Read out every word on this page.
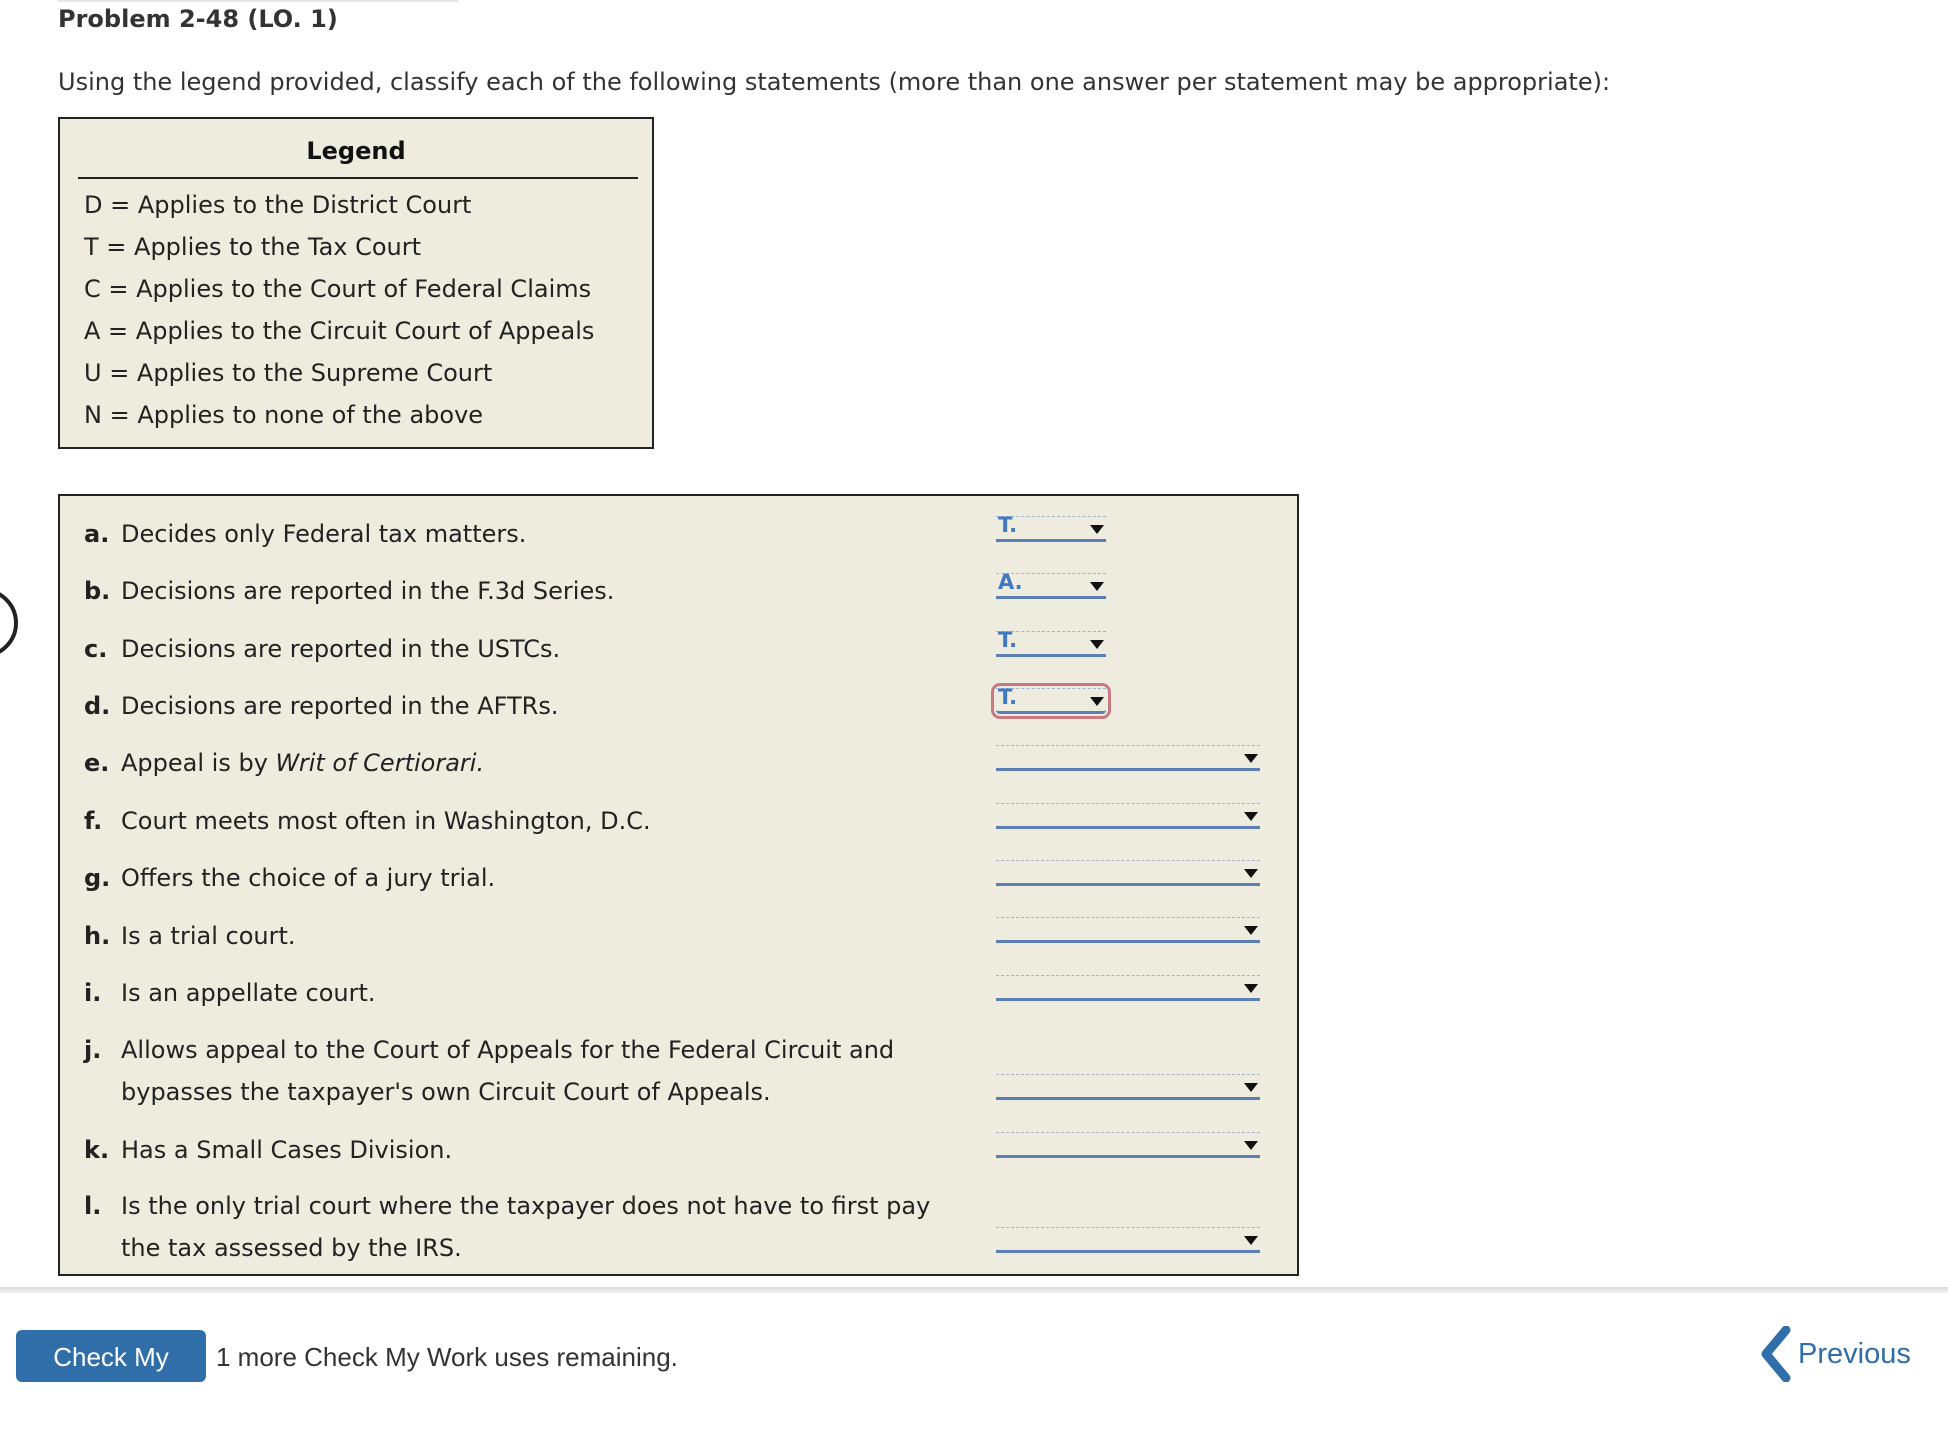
Problem 2-48 (LO. 1)
Using the legend provided, classify each of the following statements (more than one answer per statement may be appropriate):
Legend
D = Applies to the District Court
T = Applies to the Tax Court
C = Applies to the Court of Federal Claims
A = Applies to the Circuit Court of Appeals
U = Applies to the Supreme Court
N = Applies to none of the above
a. Decides only Federal tax matters.
b. Decisions are reported in the F.3d Series.
c. Decisions are reported in the USTCs.
d. Decisions are reported in the AFTRs.
e. Appeal is by Writ of Certiorari.
f. Court meets most often in Washington, D.C.
g. Offers the choice of a jury trial.
h. Is a trial court.
i. Is an appellate court.
j. Allows appeal to the Court of Appeals for the Federal Circuit and
bypasses the taxpayer's own Circuit Court of Appeals.
k. Has a Small Cases Division.
l. Is the only trial court where the taxpayer does not have to first pay
the tax assessed by the IRS.
T.
A.
T.
T.
Check My Work
1 more Check My Work uses remaining.	Previous
